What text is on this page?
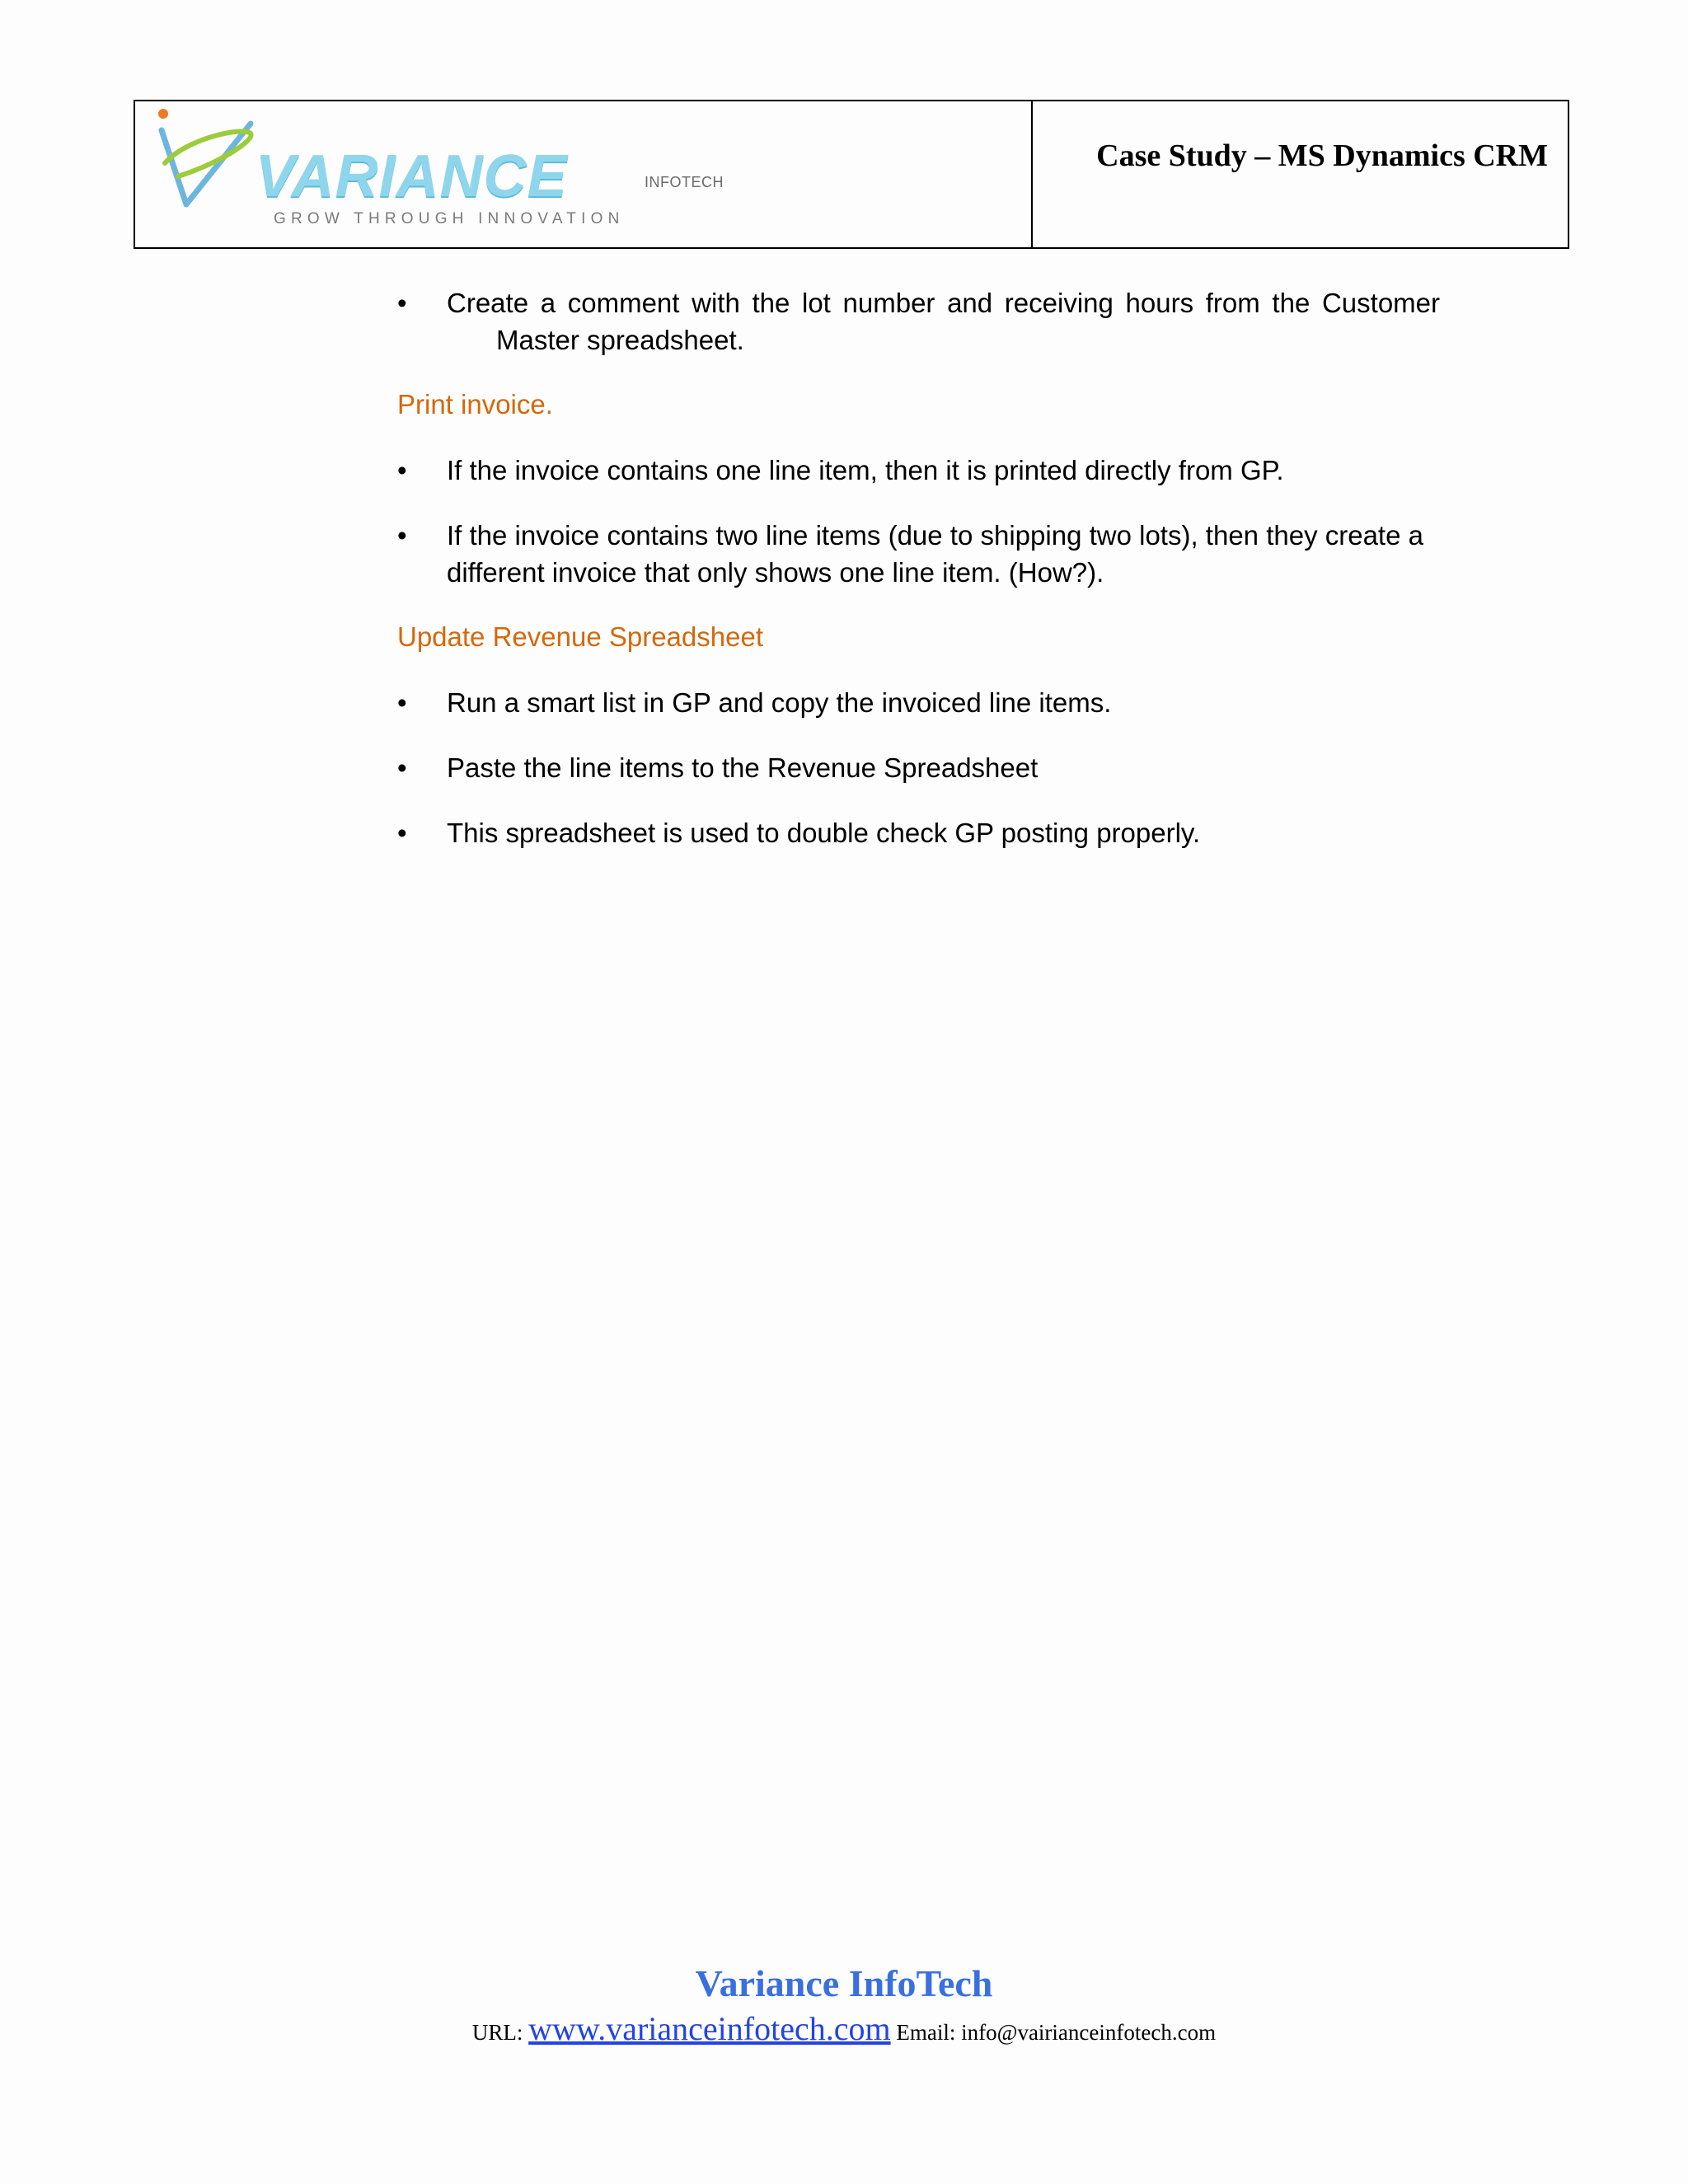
VARIANCE	INFOTECH
GROW THROUGH INNOVATION
Case Study – MS Dynamics CRM
• Create a comment with the lot number and receiving hours from the Customer
Master spreadsheet.
Print invoice.
• If the invoice contains one line item, then it is printed directly from GP.
• If the invoice contains two line items (due to shipping two lots), then they create a different invoice that only shows one line item. (How?).
Update Revenue Spreadsheet
• Run a smart list in GP and copy the invoiced line items.
• Paste the line items to the Revenue Spreadsheet
• This spreadsheet is used to double check GP posting properly.
Variance InfoTech
URL: www.varianceinfotech.com Email: info@vairianceinfotech.com
